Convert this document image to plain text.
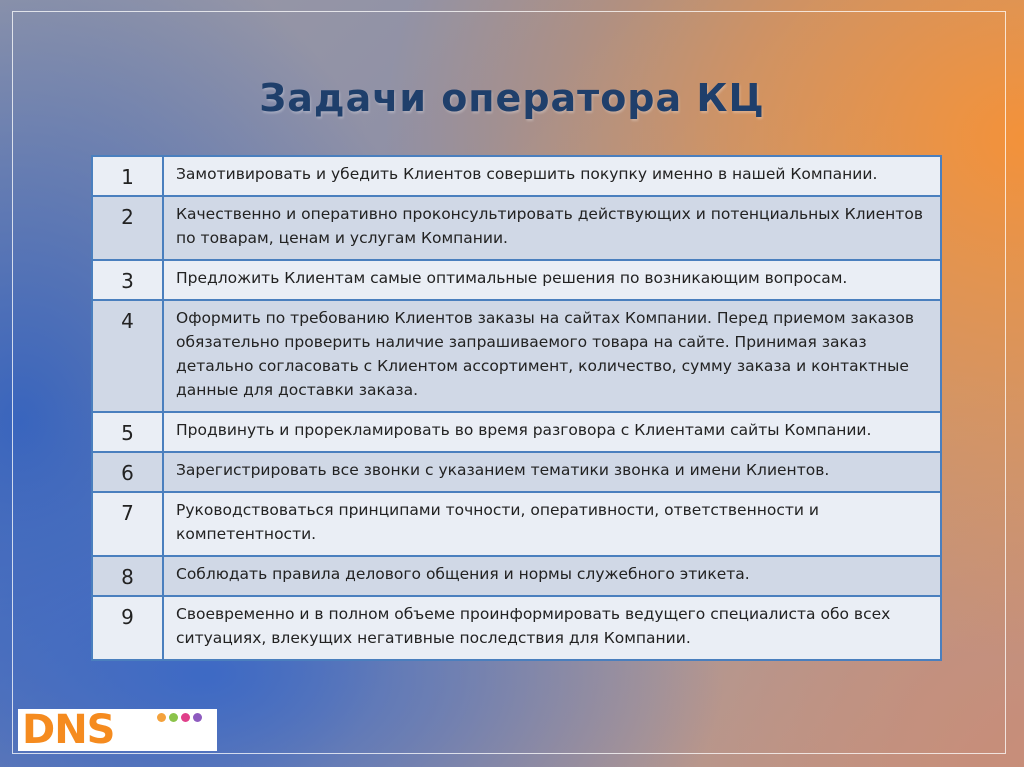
Задачи оператора КЦ
1	Замотивировать и убедить Клиентов совершить покупку именно в нашей Компании.
2	Качественно и оперативно проконсультировать действующих и потенциальных Клиентов по товарам, ценам и услугам Компании.
3	Предложить Клиентам самые оптимальные решения по возникающим вопросам.
4	Оформить по требованию Клиентов заказы на сайтах Компании. Перед приемом заказов обязательно проверить наличие запрашиваемого товара на сайте. Принимая заказ детально согласовать с Клиентом ассортимент, количество, сумму заказа и контактные данные для доставки заказа.
5	Продвинуть и прорекламировать во время разговора с Клиентами сайты Компании.
6	Зарегистрировать все звонки с указанием тематики звонка и имени Клиентов.
7	Руководствоваться принципами точности, оперативности, ответственности и компетентности.
8	Соблюдать правила делового общения и нормы служебного этикета.
9	Своевременно и в полном объеме проинформировать ведущего специалиста обо всех ситуациях, влекущих негативные последствия для Компании.
DNS
